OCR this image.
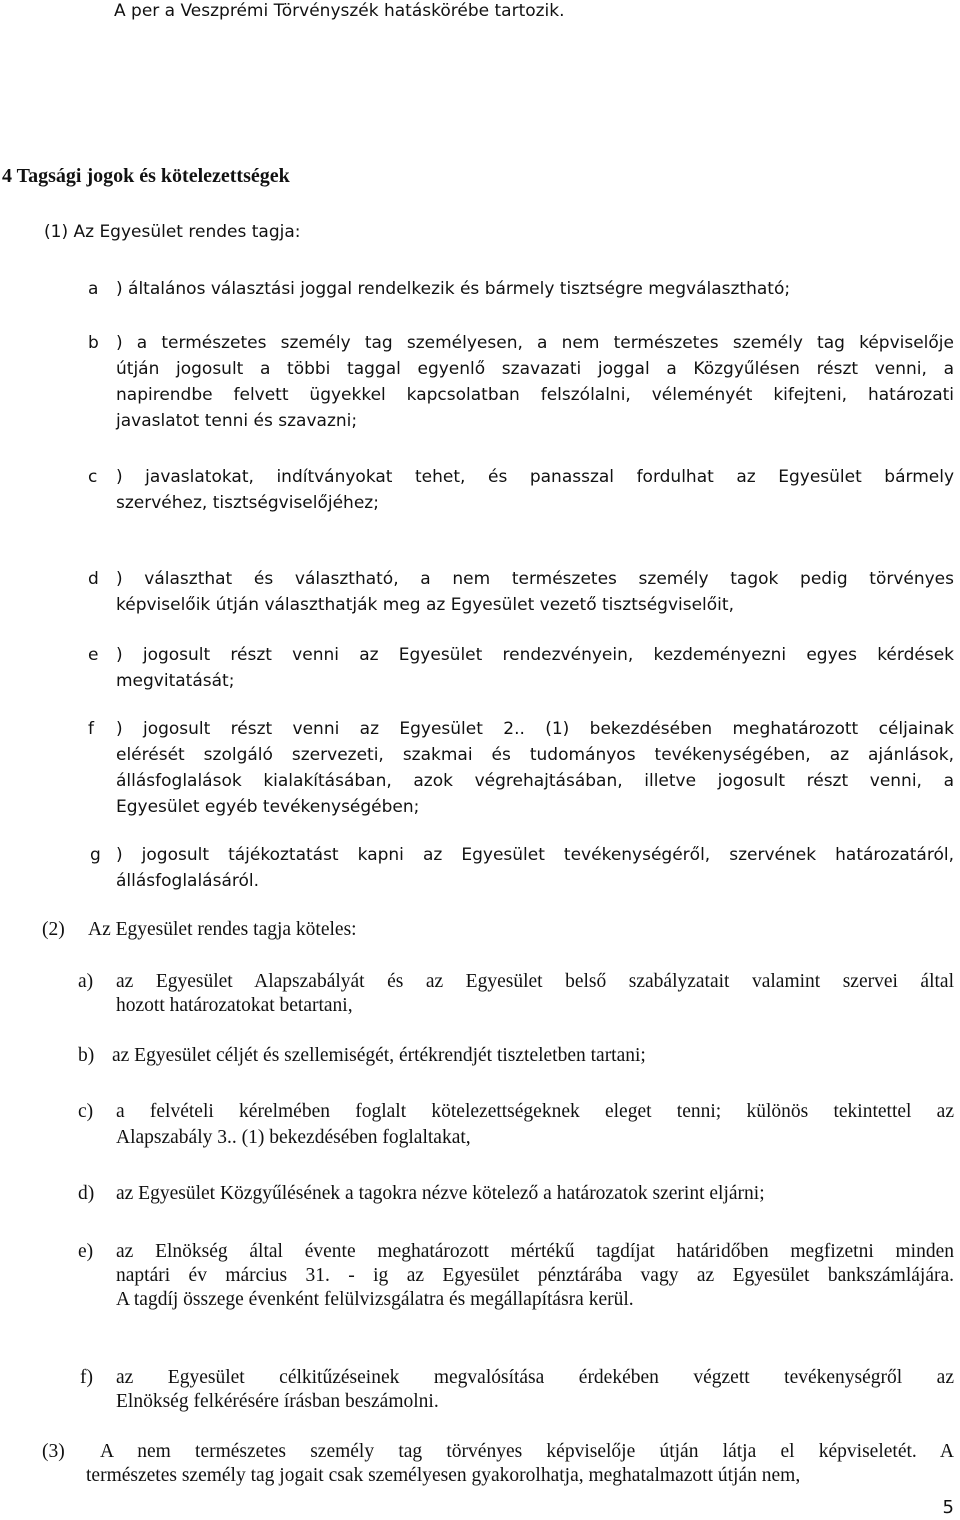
A per a Veszprémi Törvényszék hatáskörébe tartozik.
4 Tagsági jogok és kötelezettségek
(1) Az Egyesület rendes tagja:
a ) általános választási joggal rendelkezik és bármely tisztségre megválasztható;
b ) a természetes személy tag személyesen, a nem természetes személy tag képviselője
útján jogosult a többi taggal egyenlő szavazati joggal a Közgyűlésen részt venni, a
napirendbe felvett ügyekkel kapcsolatban felszólalni, véleményét kifejteni, határozati
javaslatot tenni és szavazni;
c ) javaslatokat, indítványokat tehet, és panasszal fordulhat az Egyesület bármely
szervéhez, tisztségviselőjéhez;
d ) választhat és választható, a nem természetes személy tagok pedig törvényes
képviselőik útján választhatják meg az Egyesület vezető tisztségviselőit,
e ) jogosult részt venni az Egyesület rendezvényein, kezdeményezni egyes kérdések
megvitatását;
f ) jogosult részt venni az Egyesület 2.. (1) bekezdésében meghatározott céljainak
elérését szolgáló szervezeti, szakmai és tudományos tevékenységében, az ajánlások,
állásfoglalások kialakításában, azok végrehajtásában, illetve jogosult részt venni, a
Egyesület egyéb tevékenységében;
g ) jogosult tájékoztatást kapni az Egyesület tevékenységéről, szervének határozatáról,
állásfoglalásáról.
(2) Az Egyesület rendes tagja köteles:
a) az Egyesület Alapszabályát és az Egyesület belső szabályzatait valamint szervei által
hozott határozatokat betartani,
b) az Egyesület céljét és szellemiségét, értékrendjét tiszteletben tartani;
c) a felvételi kérelmében foglalt kötelezettségeknek eleget tenni; különös tekintettel az
Alapszabály 3.. (1) bekezdésében foglaltakat,
d) az Egyesület Közgyűlésének a tagokra nézve kötelező a határozatok szerint eljárni;
e) az Elnökség által évente meghatározott mértékű tagdíjat határidőben megfizetni minden
naptári év március 31. - ig az Egyesület pénztárába vagy az Egyesület bankszámlájára.
A tagdíj összege évenként felülvizsgálatra és megállapításra kerül.
f) az Egyesület célkitűzéseinek megvalósítása érdekében végzett tevékenységről az
Elnökség felkérésére írásban beszámolni.
(3) A nem természetes személy tag törvényes képviselője útján látja el képviseletét. A
természetes személy tag jogait csak személyesen gyakorolhatja, meghatalmazott útján nem,
5
